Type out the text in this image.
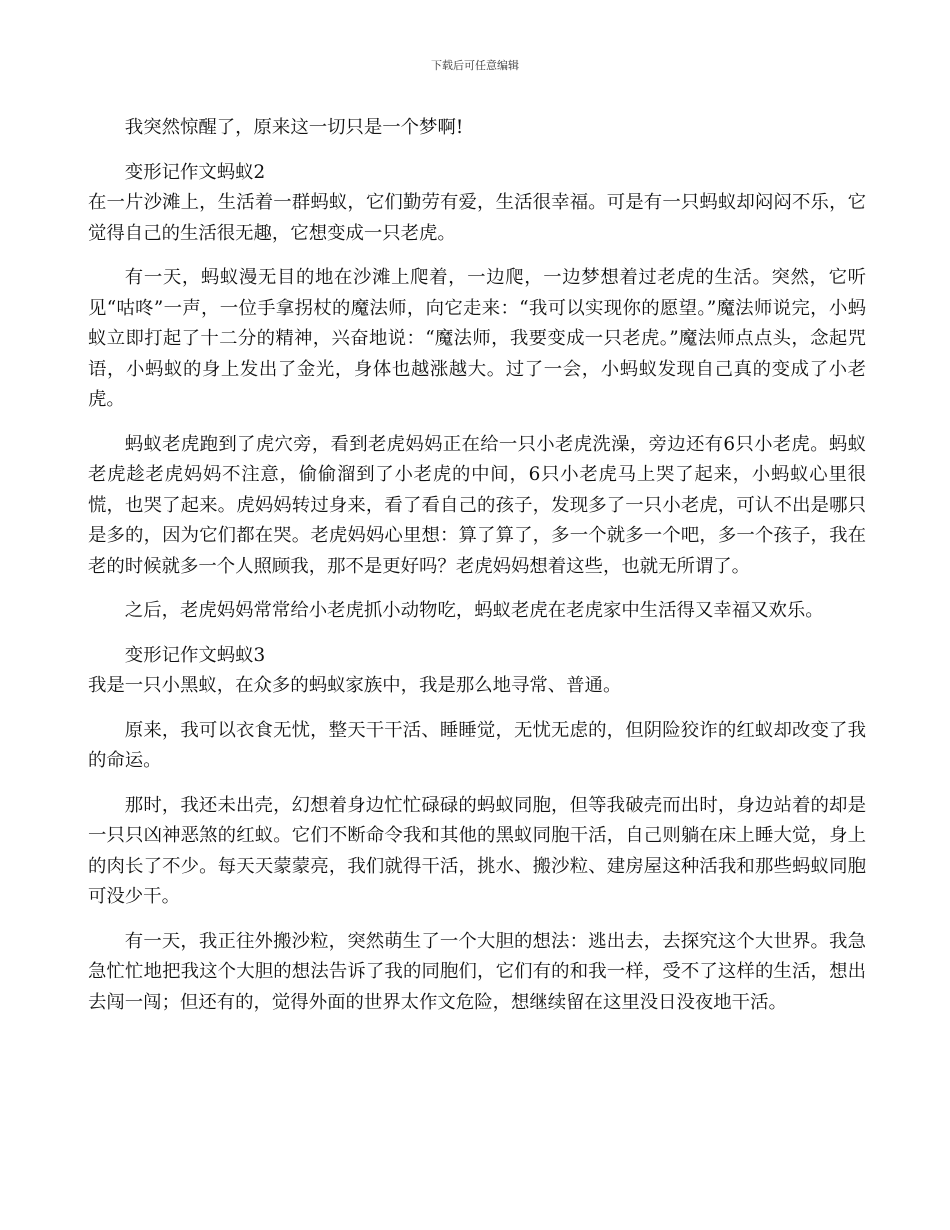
下载后可任意编辑

我突然惊醒了，原来这一切只是一个梦啊!

变形记作文蚂蚁2

在一片沙滩上，生活着一群蚂蚁，它们勤劳有爱，生活很幸福。可是有一只蚂蚁却闷闷不乐，它觉得自己的生活很无趣，它想变成一只老虎。

有一天，蚂蚁漫无目的地在沙滩上爬着，一边爬，一边梦想着过老虎的生活。突然，它听见“咕咚”一声，一位手拿拐杖的魔法师，向它走来：“我可以实现你的愿望。”魔法师说完，小蚂蚁立即打起了十二分的精神，兴奋地说：“魔法师，我要变成一只老虎。”魔法师点点头，念起咒语，小蚂蚁的身上发出了金光，身体也越涨越大。过了一会，小蚂蚁发现自己真的变成了小老虎。

蚂蚁老虎跑到了虎穴旁，看到老虎妈妈正在给一只小老虎洗澡，旁边还有6只小老虎。蚂蚁老虎趁老虎妈妈不注意，偷偷溜到了小老虎的中间，6只小老虎马上哭了起来，小蚂蚁心里很慌，也哭了起来。虎妈妈转过身来，看了看自己的孩子，发现多了一只小老虎，可认不出是哪只是多的，因为它们都在哭。老虎妈妈心里想：算了算了，多一个就多一个吧，多一个孩子，我在老的时候就多一个人照顾我，那不是更好吗？老虎妈妈想着这些，也就无所谓了。

之后，老虎妈妈常常给小老虎抓小动物吃，蚂蚁老虎在老虎家中生活得又幸福又欢乐。

变形记作文蚂蚁3

我是一只小黑蚁，在众多的蚂蚁家族中，我是那么地寻常、普通。

原来，我可以衣食无忧，整天干干活、睡睡觉，无忧无虑的，但阴险狡诈的红蚁却改变了我的命运。

那时，我还未出壳，幻想着身边忙忙碌碌的蚂蚁同胞，但等我破壳而出时，身边站着的却是一只只凶神恶煞的红蚁。它们不断命令我和其他的黑蚁同胞干活，自己则躺在床上睡大觉，身上的肉长了不少。每天天蒙蒙亮，我们就得干活，挑水、搬沙粒、建房屋这种活我和那些蚂蚁同胞可没少干。

有一天，我正往外搬沙粒，突然萌生了一个大胆的想法：逃出去，去探究这个大世界。我急急忙忙地把我这个大胆的想法告诉了我的同胞们，它们有的和我一样，受不了这样的生活，想出去闯一闯；但还有的，觉得外面的世界太作文危险，想继续留在这里没日没夜地干活。
